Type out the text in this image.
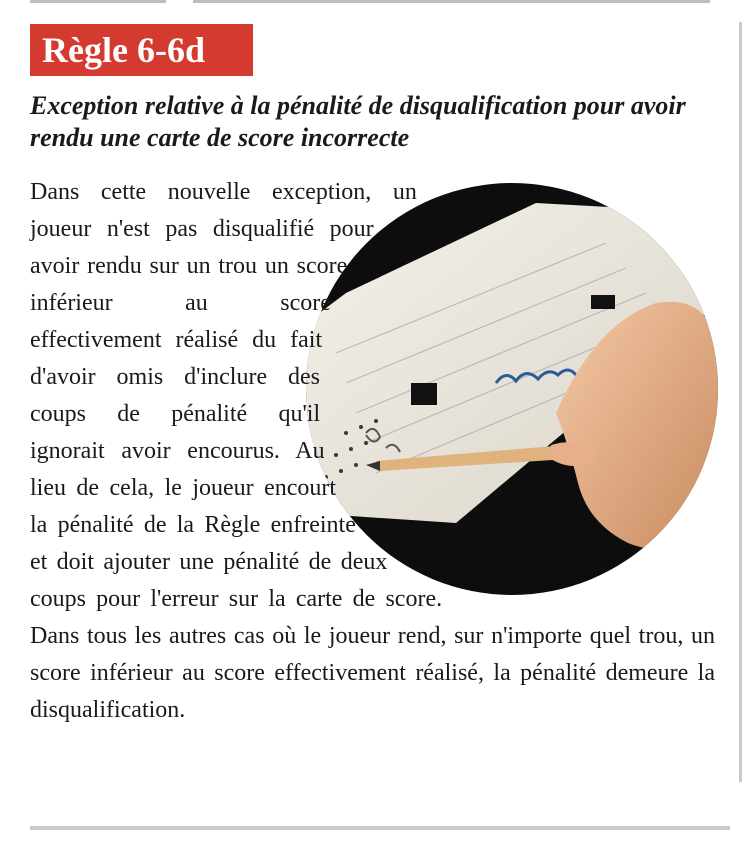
Règle 6-6d
Exception relative à la pénalité de disqualification pour avoir rendu une carte de score incorrecte

Dans cette nouvelle exception, un joueur n'est pas disqualifié pour avoir rendu sur un trou un score inférieur au score effectivement réalisé du fait d'avoir omis d'inclure des coups de pénalité qu'il ignorait avoir encourus. Au lieu de cela, le joueur encourt la pénalité de la Règle enfreinte et doit ajouter une pénalité de deux coups pour l'erreur sur la carte de score. Dans tous les autres cas où le joueur rend, sur n'importe quel trou, un score inférieur au score effectivement réalisé, la pénalité demeure la disqualification.
